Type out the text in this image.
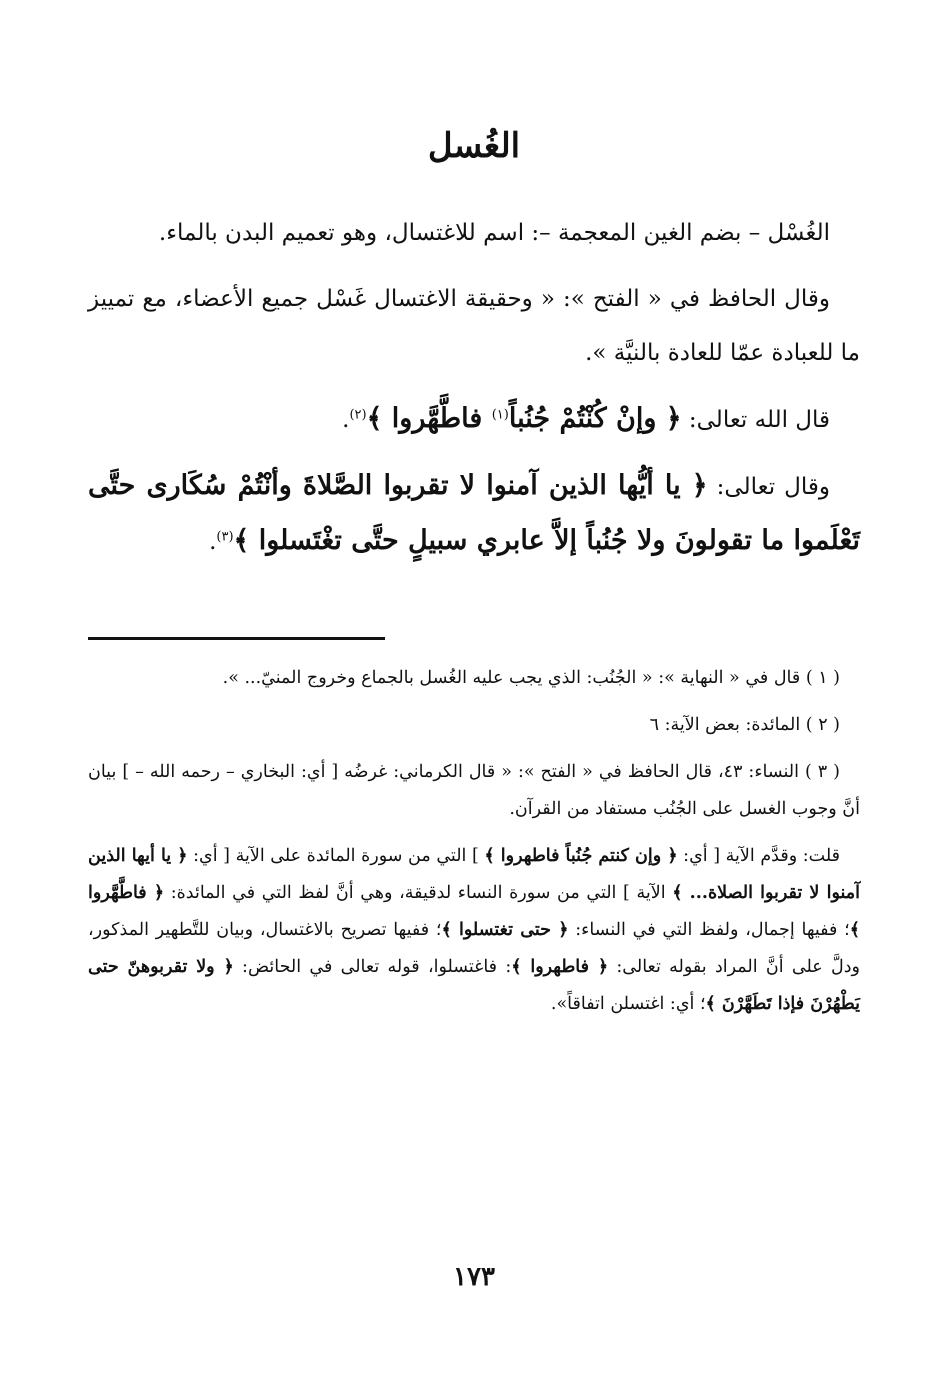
الغُسل

الغُسْل – بضم الغين المعجمة –: اسم للاغتسال، وهو تعميم البدن بالماء.

وقال الحافظ في « الفتح »: « وحقيقة الاغتسال غَسْل جميع الأعضاء، مع تمييز ما للعبادة عمّا للعادة بالنيَّة ».

قال الله تعالى: ﴿ وإنْ كُنْتُمْ جُنُباً$^{(١)}$ فاطَّهَّروا ﴾$^{(٢)}$.

وقال تعالى: ﴿ يا أيُّها الذين آمنوا لا تقربوا الصَّلاةَ وأنْتُمْ سُكَارى حتَّى تَعْلَموا ما تقولونَ ولا جُنُباً إلاَّ عابري سبيلٍ حتَّى تغْتَسلوا ﴾$^{(٣)}$.

( ١ ) قال في « النهاية »: « الجُنُب: الذي يجب عليه الغُسل بالجماع وخروج المنيّ... ».

( ٢ ) المائدة: بعض الآية: ٦

( ٣ ) النساء: ٤٣، قال الحافظ في « الفتح »: « قال الكرماني: غرضُه [ أي: البخاري – رحمه الله – ] بيان أنَّ وجوب الغسل على الجُنُب مستفاد من القرآن.

قلت: وقدَّم الآية [ أي: ﴿ وإن كنتم جُنُباً فاطهروا ﴾ ] التي من سورة المائدة على الآية [ أي: ﴿ يا أيها الذين آمنوا لا تقربوا الصلاة... ﴾ الآية ] التي من سورة النساء لدقيقة، وهي أنَّ لفظ التي في المائدة: ﴿ فاطَّهَّروا ﴾؛ ففيها إجمال، ولفظ التي في النساء: ﴿ حتى تغتسلوا ﴾؛ ففيها تصريح بالاغتسال، وبيان للتَّطهير المذكور، ودلَّ على أنَّ المراد بقوله تعالى: ﴿ فاطهروا ﴾: فاغتسلوا، قوله تعالى في الحائض: ﴿ ولا تقربوهنّ حتى يَطْهُرْنَ فإذا تَطَهَّرْنَ ﴾؛ أي: اغتسلن اتفاقاً».

١٧٣
